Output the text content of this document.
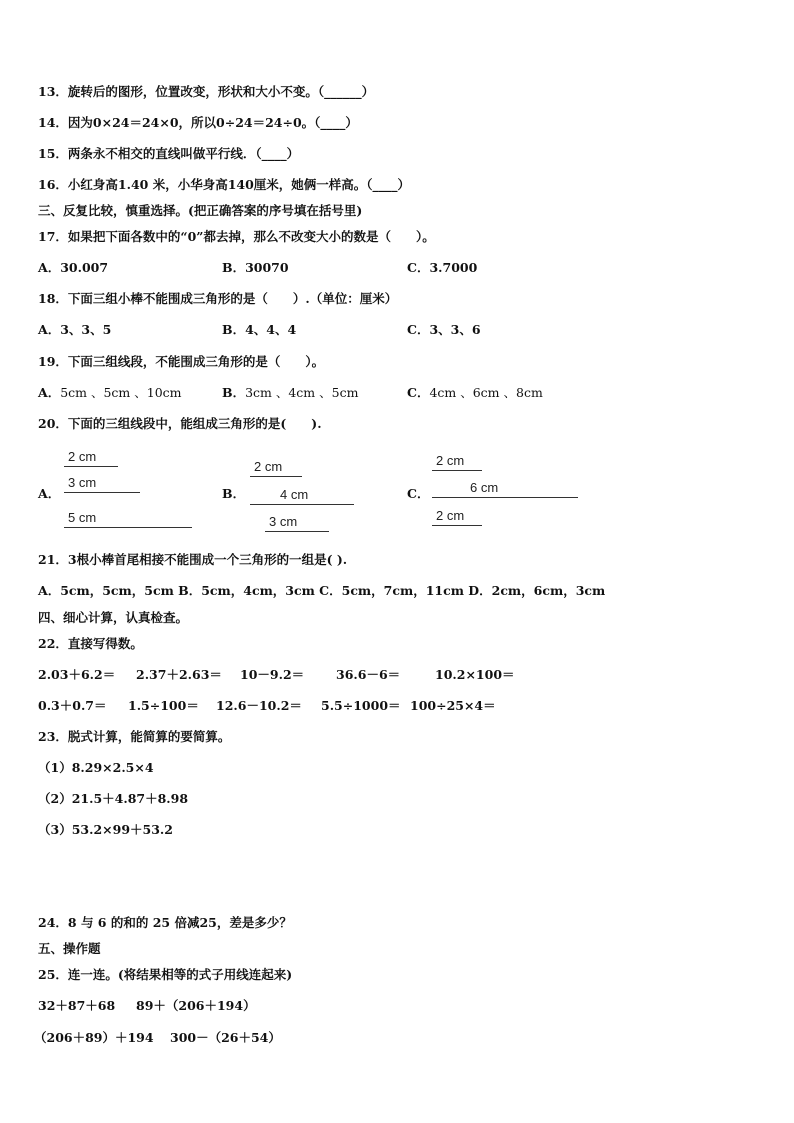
13．旋转后的图形，位置改变，形状和大小不变。（______）
14．因为0×24＝24×0，所以0÷24＝24÷0。（____）
15．两条永不相交的直线叫做平行线．（____）
16．小红身高1.40 米，小华身高140厘米，她俩一样高。（____）
三、反复比较，慎重选择。(把正确答案的序号填在括号里)
17．如果把下面各数中的“0”都去掉，那么不改变大小的数是（　　）。
A．30.007	B．30070	C．3.7000
18．下面三组小棒不能围成三角形的是（　　）.（单位：厘米）
A．3、3、5	B．4、4、4	C．3、3、6
19．下面三组线段，不能围成三角形的是（　　）。
A．5cm 、5cm 、10cm	B．3cm 、4cm 、5cm	C．4cm 、6cm 、8cm
20．下面的三组线段中，能组成三角形的是(　　).
A．
2 cm
3 cm
5 cm
B．
2 cm
4 cm
3 cm
C．
2 cm
6 cm
2 cm
21．3根小棒首尾相接不能围成一个三角形的一组是( ).
A．5cm，5cm，5cm B．5cm，4cm，3cm C．5cm，7cm，11cm D．2cm，6cm，3cm
四、细心计算，认真检查。
22．直接写得数。
2.03＋6.2＝ 2.37＋2.63＝ 10－9.2＝	36.6－6＝	10.2×100＝
0.3＋0.7＝ 1.5÷100＝ 12.6－10.2＝ 5.5÷1000＝ 100÷25×4＝
23．脱式计算，能简算的要简算。
（1）8.29×2.5×4
（2）21.5＋4.87＋8.98
（3）53.2×99＋53.2
24．8 与 6 的和的 25 倍减25，差是多少？
五、操作题
25．连一连。(将结果相等的式子用线连起来)
32＋87＋68 89＋（206＋194）
（206＋89）＋194 300－（26＋54）
